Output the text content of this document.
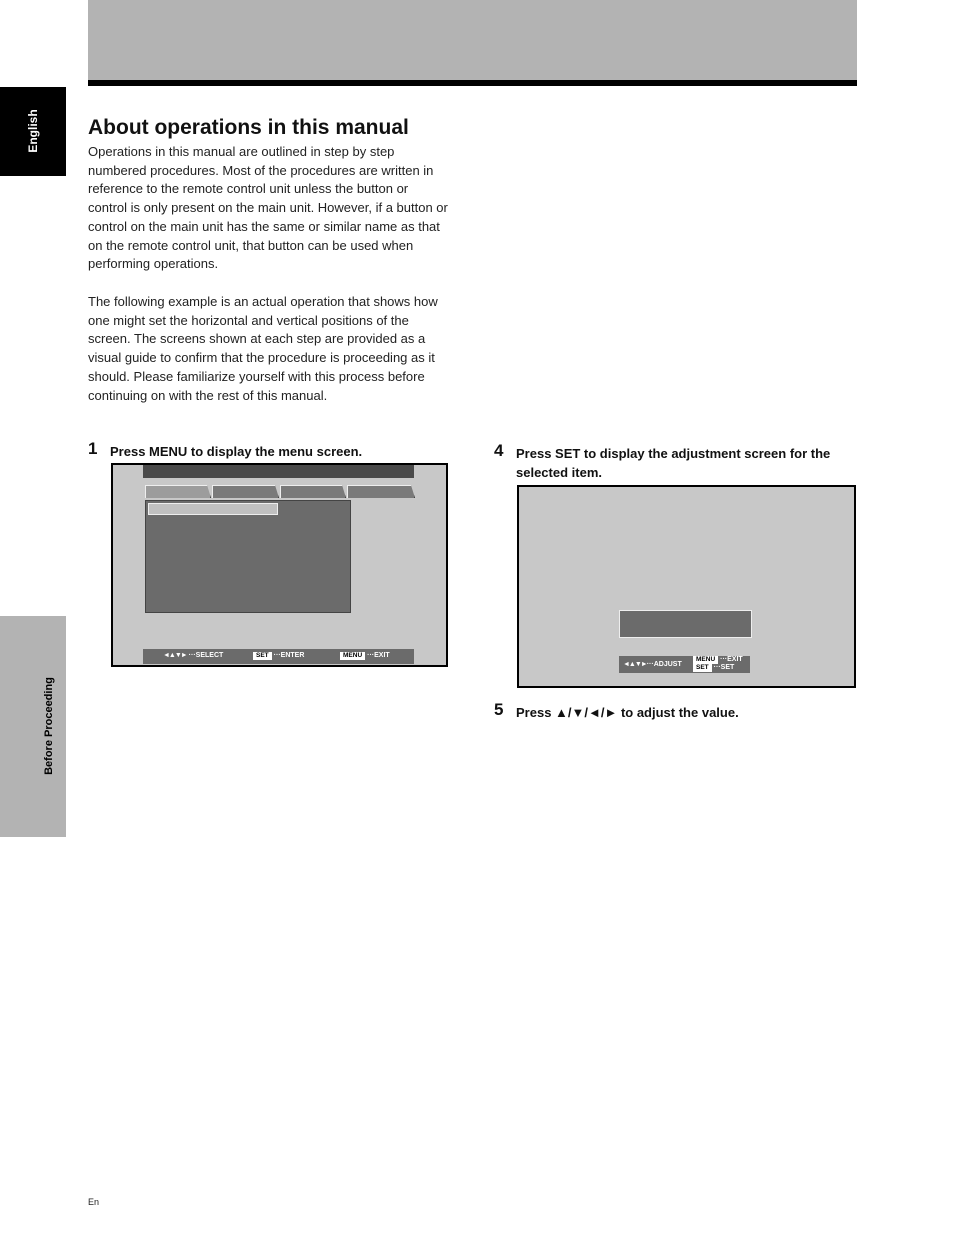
English
Before Proceeding
About operations in this manual

Operations in this manual are outlined in step by step numbered procedures. Most of the procedures are written in reference to the remote control unit unless the button or control is only present on the main unit. However, if a button or control on the main unit has the same or similar name as that on the remote control unit, that button can be used when performing operations.

The following example is an actual operation that shows how one might set the horizontal and vertical positions of the screen. The screens shown at each step are provided as a visual guide to confirm that the procedure is proceeding as it should. Please familiarize yourself with this process before continuing on with the rest of this manual.

1 Press MENU to display the menu screen.
◄▲▼► ···SELECT	SET ···ENTER	MENU ···EXIT
4 Press SET to display the adjustment screen for the selected item.
◄▲▼►···ADJUST
MENU ···EXIT
SET ···SET
5 Press ▲/▼/◄/► to adjust the value.
En
